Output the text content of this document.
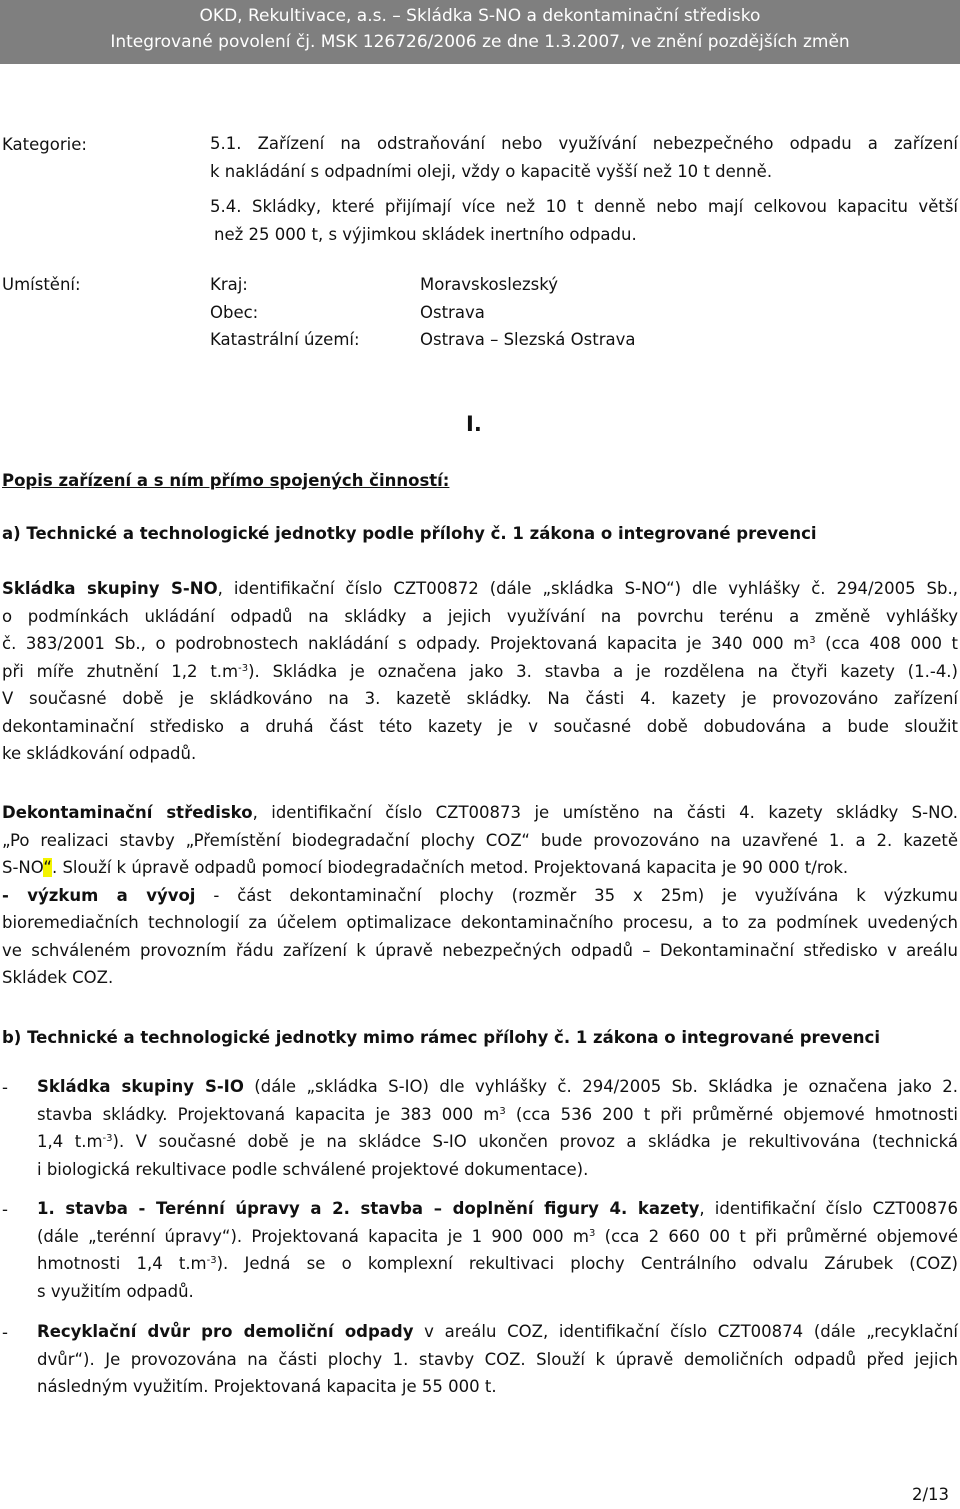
OKD, Rekultivace, a.s. – Skládka S-NO a dekontaminační středisko
Integrované povolení čj. MSK 126726/2006 ze dne 1.3.2007, ve znění pozdějších změn
Kategorie:	5.1. Zařízení na odstraňování nebo využívání nebezpečného odpadu a zařízení
k nakládání s odpadními oleji, vždy o kapacitě vyšší než 10 t denně.
5.4. Skládky, které přijímají více než 10 t denně nebo mají celkovou kapacitu větší
než 25 000 t, s výjimkou skládek inertního odpadu.
Umístění:	Kraj:	Moravskoslezský
Obec:	Ostrava
Katastrální území:	Ostrava – Slezská Ostrava
I.
Popis zařízení a s ním přímo spojených činností:
a) Technické a technologické jednotky podle přílohy č. 1 zákona o integrované prevenci
Skládka skupiny S-NO, identifikační číslo CZT00872 (dále „skládka S-NO“) dle vyhlášky č. 294/2005 Sb.,
o podmínkách ukládání odpadů na skládky a jejich využívání na povrchu terénu a změně vyhlášky
č. 383/2001 Sb., o podrobnostech nakládání s odpady. Projektovaná kapacita je 340 000 $m^3$ (cca 408 000 t
při míře zhutnění 1,2 $t.m^{-3}$). Skládka je označena jako 3. stavba a je rozdělena na čtyři kazety (1.-4.)
V současné době je skládkováno na 3. kazetě skládky. Na části 4. kazety je provozováno zařízení
dekontaminační středisko a druhá část této kazety je v současné době dobudována a bude sloužit
ke skládkování odpadů.
Dekontaminační středisko, identifikační číslo CZT00873 je umístěno na části 4. kazety skládky S-NO.
„Po realizaci stavby „Přemístění biodegradační plochy COZ“ bude provozováno na uzavřené 1. a 2. kazetě
S-NO“. Slouží k úpravě odpadů pomocí biodegradačních metod. Projektovaná kapacita je 90 000 t/rok.
- výzkum a vývoj - část dekontaminační plochy (rozměr 35 x 25m) je využívána k výzkumu
bioremediačních technologií za účelem optimalizace dekontaminačního procesu, a to za podmínek uvedených
ve schváleném provozním řádu zařízení k úpravě nebezpečných odpadů – Dekontaminační středisko v areálu
Skládek COZ.
b) Technické a technologické jednotky mimo rámec přílohy č. 1 zákona o integrované prevenci
- Skládka skupiny S-IO (dále „skládka S-IO) dle vyhlášky č. 294/2005 Sb. Skládka je označena jako 2.
stavba skládky. Projektovaná kapacita je 383 000 $m^3$ (cca 536 200 t při průměrné objemové hmotnosti
1,4 $t.m^{-3}$). V současné době je na skládce S-IO ukončen provoz a skládka je rekultivována (technická
i biologická rekultivace podle schválené projektové dokumentace).
- 1. stavba - Terénní úpravy a 2. stavba – doplnění figury 4. kazety, identifikační číslo CZT00876
(dále „terénní úpravy“). Projektovaná kapacita je 1 900 000 $m^3$ (cca 2 660 00 t při průměrné objemové
hmotnosti 1,4 $t.m^{-3}$). Jedná se o komplexní rekultivaci plochy Centrálního odvalu Zárubek (COZ)
s využitím odpadů.
- Recyklační dvůr pro demoliční odpady v areálu COZ, identifikační číslo CZT00874 (dále „recyklační
dvůr“). Je provozována na části plochy 1. stavby COZ. Slouží k úpravě demoličních odpadů před jejich
následným využitím. Projektovaná kapacita je 55 000 t.
2/13
